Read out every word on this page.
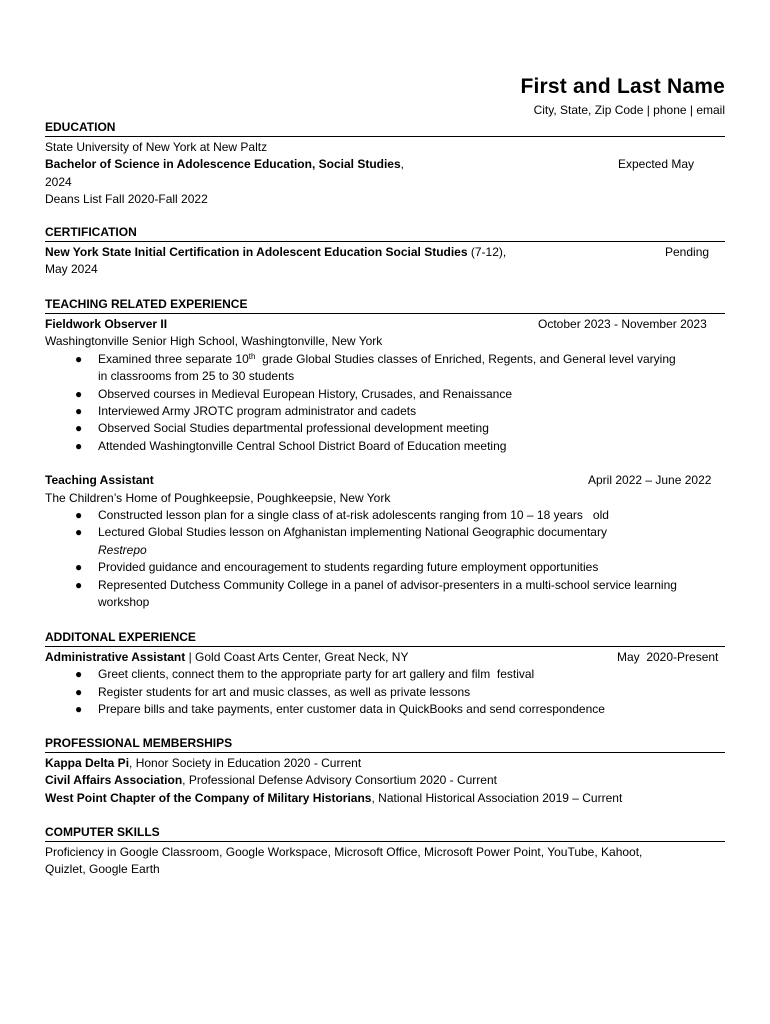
First and Last Name
City, State, Zip Code | phone | email
EDUCATION
State University of New York at New Paltz
Bachelor of Science in Adolescence Education, Social Studies,	Expected May
2024
Deans List Fall 2020-Fall 2022
CERTIFICATION
New York State Initial Certification in Adolescent Education Social Studies (7-12),	Pending
May 2024
TEACHING RELATED EXPERIENCE
Fieldwork Observer II	October 2023 - November 2023
Washingtonville Senior High School, Washingtonville, New York
● Examined three separate 10th  grade Global Studies classes of Enriched, Regents, and General level varying
in classrooms from 25 to 30 students
● Observed courses in Medieval European History, Crusades, and Renaissance
● Interviewed Army JROTC program administrator and cadets
● Observed Social Studies departmental professional development meeting
● Attended Washingtonville Central School District Board of Education meeting
Teaching Assistant	April 2022 – June 2022
The Children’s Home of Poughkeepsie, Poughkeepsie, New York
● Constructed lesson plan for a single class of at-risk adolescents ranging from 10 – 18 years   old
● Lectured Global Studies lesson on Afghanistan implementing National Geographic documentary
Restrepo
● Provided guidance and encouragement to students regarding future employment opportunities
● Represented Dutchess Community College in a panel of advisor-presenters in a multi-school service learning
workshop
ADDITONAL EXPERIENCE
Administrative Assistant | Gold Coast Arts Center, Great Neck, NY	May  2020-Present
● Greet clients, connect them to the appropriate party for art gallery and film  festival
● Register students for art and music classes, as well as private lessons
● Prepare bills and take payments, enter customer data in QuickBooks and send correspondence
PROFESSIONAL MEMBERSHIPS
Kappa Delta Pi, Honor Society in Education 2020 - Current
Civil Affairs Association, Professional Defense Advisory Consortium 2020 - Current
West Point Chapter of the Company of Military Historians, National Historical Association 2019 – Current
COMPUTER SKILLS
Proficiency in Google Classroom, Google Workspace, Microsoft Office, Microsoft Power Point, YouTube, Kahoot,
Quizlet, Google Earth
